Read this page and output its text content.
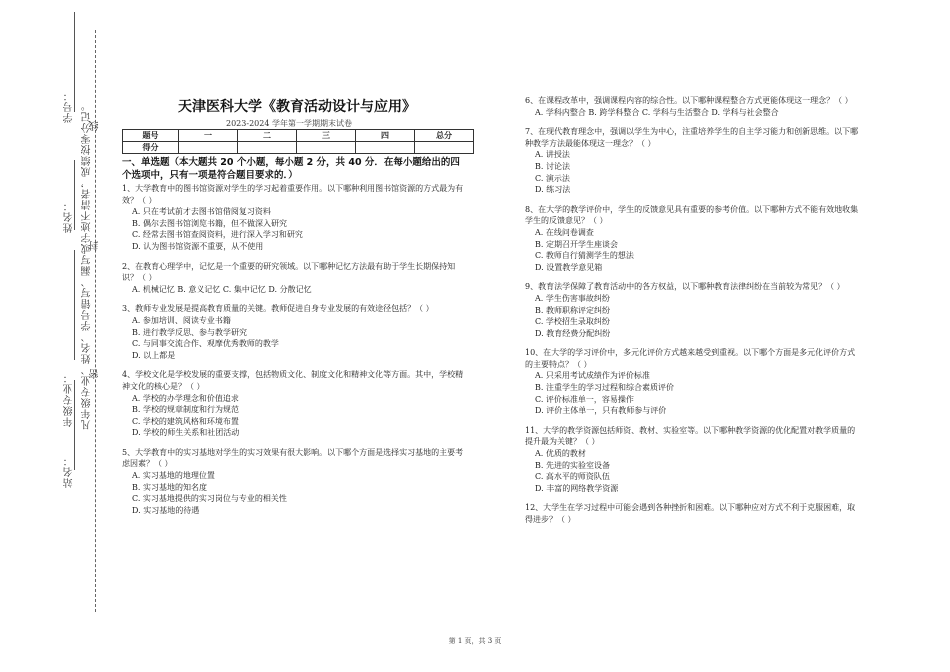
学号：
姓名：
年级专业：
站名：
凡年级专业、姓名、学号错写、漏写或字迹不清者，成绩按零分记。
密
封
线
天津医科大学《教育活动设计与应用》
2023-2024 学年第一学期期末试卷
题号	一	二	三	四	总分
得分					
一、单选题（本大题共 20 个小题，每小题 2 分，共 40 分．在每小题给出的四个选项中，只有一项是符合题目要求的．）
1、大学教育中的图书馆资源对学生的学习起着重要作用。以下哪种利用图书馆资源的方式最为有效？（ ）
A. 只在考试前才去图书馆借阅复习资料
B. 偶尔去图书馆浏览书籍，但不做深入研究
C. 经常去图书馆查阅资料，进行深入学习和研究
D. 认为图书馆资源不重要，从不使用
2、在教育心理学中，记忆是一个重要的研究领域。以下哪种记忆方法最有助于学生长期保持知识？（ ）
A. 机械记忆 B. 意义记忆 C. 集中记忆 D. 分散记忆
3、教师专业发展是提高教育质量的关键。教师促进自身专业发展的有效途径包括？（ ）
A. 参加培训、阅读专业书籍
B. 进行教学反思、参与教学研究
C. 与同事交流合作、观摩优秀教师的教学
D. 以上都是
4、学校文化是学校发展的重要支撑，包括物质文化、制度文化和精神文化等方面。其中，学校精神文化的核心是？（ ）
A. 学校的办学理念和价值追求
B. 学校的规章制度和行为规范
C. 学校的建筑风格和环境布置
D. 学校的师生关系和社团活动
5、大学教育中的实习基地对学生的实习效果有很大影响。以下哪个方面是选择实习基地的主要考虑因素？（ ）
A. 实习基地的地理位置
B. 实习基地的知名度
C. 实习基地提供的实习岗位与专业的相关性
D. 实习基地的待遇
6、在课程改革中，强调课程内容的综合性。以下哪种课程整合方式更能体现这一理念？（ ）
A. 学科内整合 B. 跨学科整合 C. 学科与生活整合 D. 学科与社会整合
7、在现代教育理念中，强调以学生为中心，注重培养学生的自主学习能力和创新思维。以下哪种教学方法最能体现这一理念？（ ）
A. 讲授法
B. 讨论法
C. 演示法
D. 练习法
8、在大学的教学评价中，学生的反馈意见具有重要的参考价值。以下哪种方式不能有效地收集学生的反馈意见？（ ）
A. 在线问卷调查
B. 定期召开学生座谈会
C. 教师自行猜测学生的想法
D. 设置教学意见箱
9、教育法学保障了教育活动中的各方权益，以下哪种教育法律纠纷在当前较为常见？（ ）
A. 学生伤害事故纠纷
B. 教师职称评定纠纷
C. 学校招生录取纠纷
D. 教育经费分配纠纷
10、在大学的学习评价中，多元化评价方式越来越受到重视。以下哪个方面是多元化评价方式的主要特点？（ ）
A. 只采用考试成绩作为评价标准
B. 注重学生的学习过程和综合素质评价
C. 评价标准单一，容易操作
D. 评价主体单一，只有教师参与评价
11、大学的教学资源包括师资、教材、实验室等。以下哪种教学资源的优化配置对教学质量的提升最为关键？（ ）
A. 优质的教材
B. 先进的实验室设备
C. 高水平的师资队伍
D. 丰富的网络教学资源
12、大学生在学习过程中可能会遇到各种挫折和困难。以下哪种应对方式不利于克服困难，取得进步？（ ）
第 1 页，共 3 页
